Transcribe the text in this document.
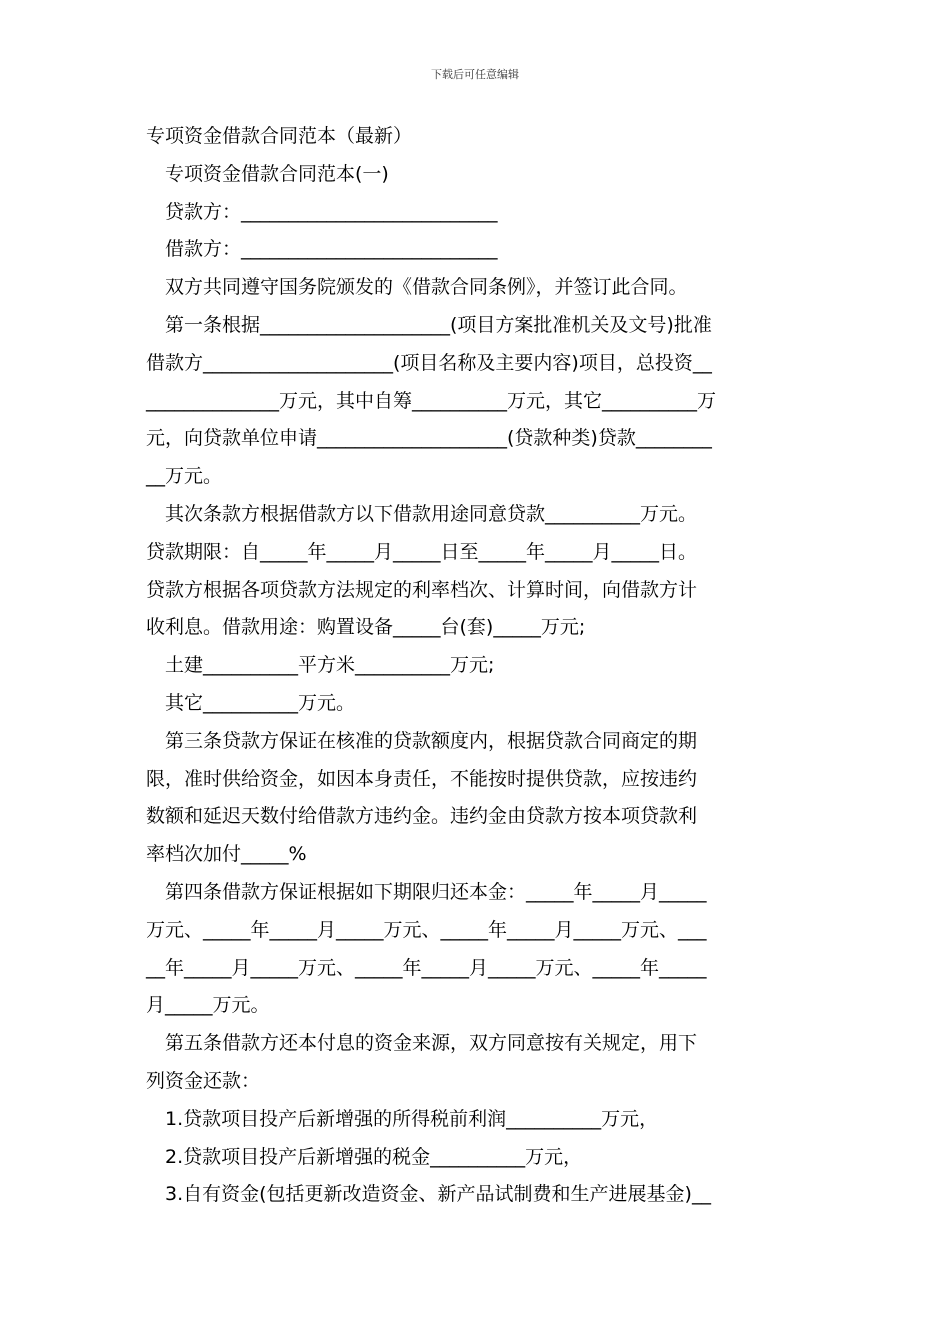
下载后可任意编辑
专项资金借款合同范本（最新）
专项资金借款合同范本(一)
贷款方：___________________________
借款方：___________________________
双方共同遵守国务院颁发的《借款合同条例》，并签订此合同。
第一条根据____________________(项目方案批准机关及文号)批准
借款方____________________(项目名称及主要内容)项目，总投资__
______________万元，其中自筹__________万元，其它__________万
元，向贷款单位申请____________________(贷款种类)贷款________
__万元。
其次条款方根据借款方以下借款用途同意贷款__________万元。
贷款期限：自_____年_____月_____日至_____年_____月_____日。
贷款方根据各项贷款方法规定的利率档次、计算时间，向借款方计
收利息。借款用途：购置设备_____台(套)_____万元;
土建__________平方米__________万元;
其它__________万元。
第三条贷款方保证在核准的贷款额度内，根据贷款合同商定的期
限，准时供给资金，如因本身责任，不能按时提供贷款，应按违约
数额和延迟天数付给借款方违约金。违约金由贷款方按本项贷款利
率档次加付_____%
第四条借款方保证根据如下期限归还本金：_____年_____月_____
万元、_____年_____月_____万元、_____年_____月_____万元、___
__年_____月_____万元、_____年_____月_____万元、_____年_____
月_____万元。
第五条借款方还本付息的资金来源，双方同意按有关规定，用下
列资金还款：
1.贷款项目投产后新增强的所得税前利润__________万元，
2.贷款项目投产后新增强的税金__________万元，
3.自有资金(包括更新改造资金、新产品试制费和生产进展基金)__
